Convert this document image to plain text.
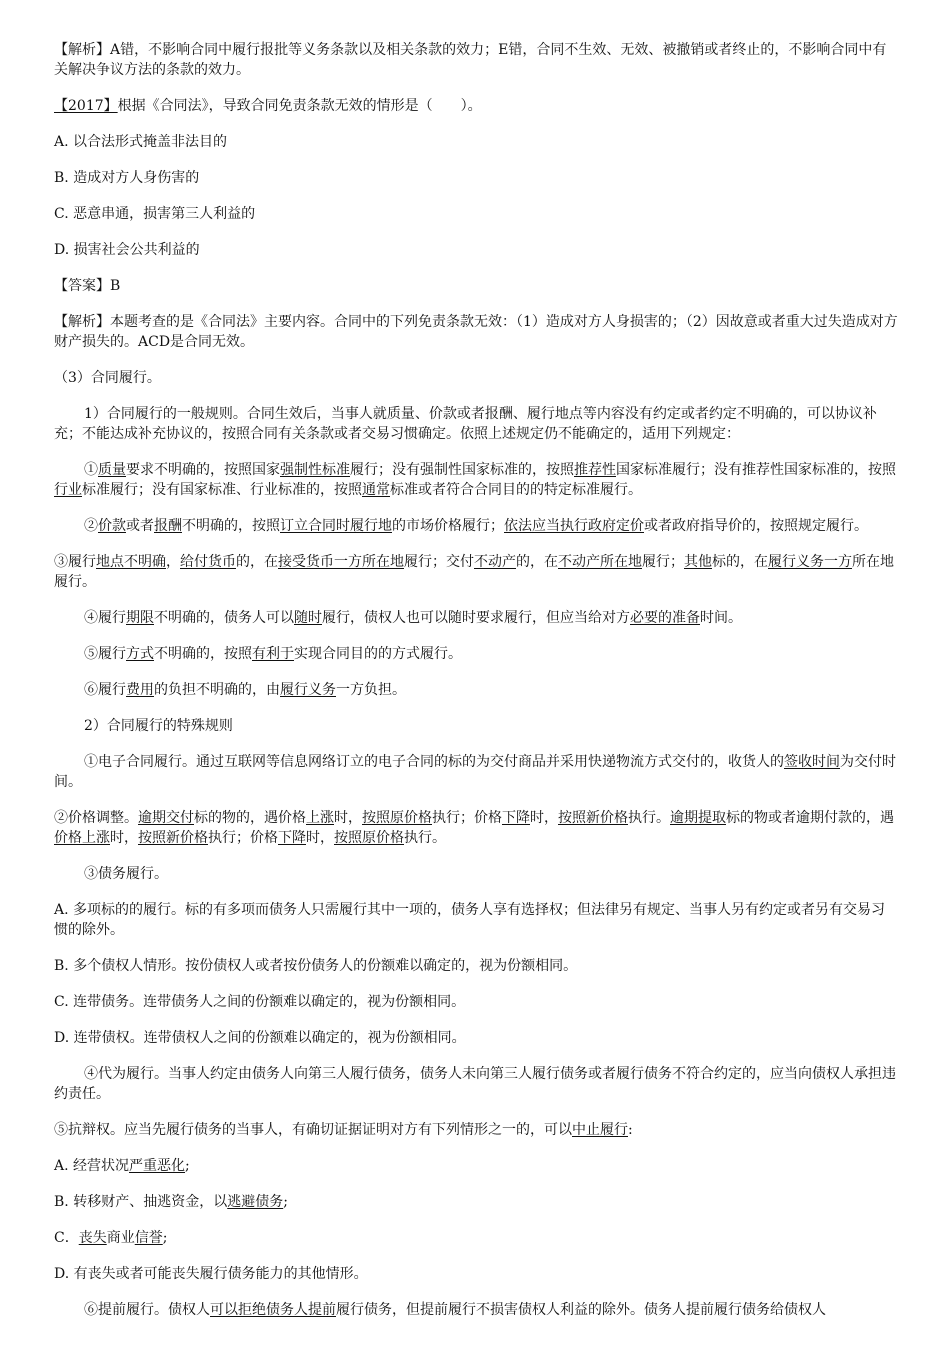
【解析】A错，不影响合同中履行报批等义务条款以及相关条款的效力；E错，合同不生效、无效、被撤销或者终止的，不影响合同中有关解决争议方法的条款的效力。

【2017】根据《合同法》，导致合同免责条款无效的情形是（　　）。

A. 以合法形式掩盖非法目的

B. 造成对方人身伤害的

C. 恶意串通，损害第三人利益的

D. 损害社会公共利益的

【答案】B

【解析】本题考查的是《合同法》主要内容。合同中的下列免责条款无效：（1）造成对方人身损害的；（2）因故意或者重大过失造成对方财产损失的。ACD是合同无效。

（3）合同履行。

1）合同履行的一般规则。合同生效后，当事人就质量、价款或者报酬、履行地点等内容没有约定或者约定不明确的，可以协议补充；不能达成补充协议的，按照合同有关条款或者交易习惯确定。依照上述规定仍不能确定的，适用下列规定：

①质量要求不明确的，按照国家强制性标准履行；没有强制性国家标准的，按照推荐性国家标准履行；没有推荐性国家标准的，按照行业标准履行；没有国家标准、行业标准的，按照通常标准或者符合合同目的的特定标准履行。

②价款或者报酬不明确的，按照订立合同时履行地的市场价格履行；依法应当执行政府定价或者政府指导价的，按照规定履行。

③履行地点不明确，给付货币的，在接受货币一方所在地履行；交付不动产的，在不动产所在地履行；其他标的，在履行义务一方所在地履行。

④履行期限不明确的，债务人可以随时履行，债权人也可以随时要求履行，但应当给对方必要的准备时间。

⑤履行方式不明确的，按照有利于实现合同目的的方式履行。

⑥履行费用的负担不明确的，由履行义务一方负担。

2）合同履行的特殊规则

①电子合同履行。通过互联网等信息网络订立的电子合同的标的为交付商品并采用快递物流方式交付的，收货人的签收时间为交付时间。

②价格调整。逾期交付标的物的，遇价格上涨时，按照原价格执行；价格下降时，按照新价格执行。逾期提取标的物或者逾期付款的，遇价格上涨时，按照新价格执行；价格下降时，按照原价格执行。

③债务履行。

A. 多项标的的履行。标的有多项而债务人只需履行其中一项的，债务人享有选择权；但法律另有规定、当事人另有约定或者另有交易习惯的除外。

B. 多个债权人情形。按份债权人或者按份债务人的份额难以确定的，视为份额相同。

C. 连带债务。连带债务人之间的份额难以确定的，视为份额相同。

D. 连带债权。连带债权人之间的份额难以确定的，视为份额相同。

④代为履行。当事人约定由债务人向第三人履行债务，债务人未向第三人履行债务或者履行债务不符合约定的，应当向债权人承担违约责任。

⑤抗辩权。应当先履行债务的当事人，有确切证据证明对方有下列情形之一的，可以中止履行:

A. 经营状况严重恶化;

B. 转移财产、抽逃资金，以逃避债务;

C．丧失商业信誉;

D. 有丧失或者可能丧失履行债务能力的其他情形。

⑥提前履行。债权人可以拒绝债务人提前履行债务，但提前履行不损害债权人利益的除外。债务人提前履行债务给债权人
